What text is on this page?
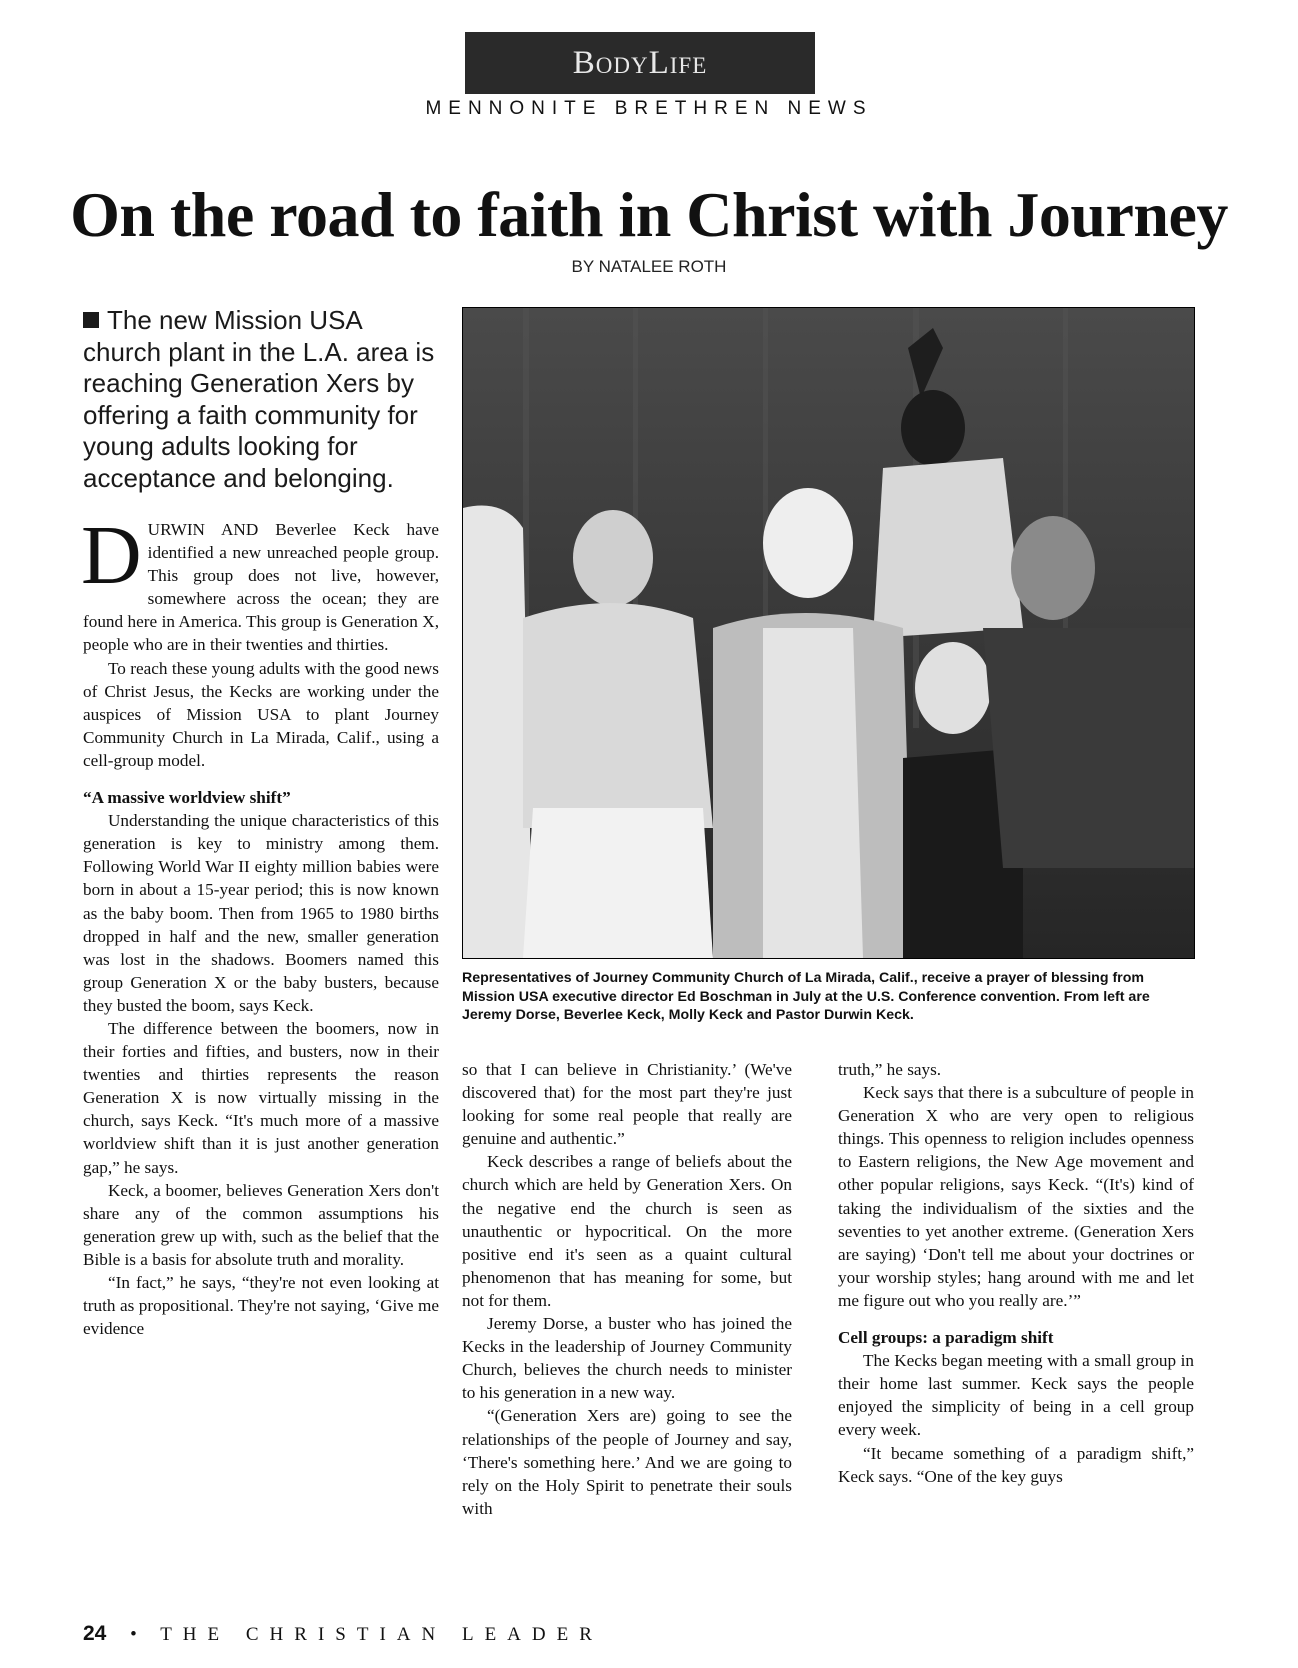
BodyLife
MENNONITE BRETHREN NEWS
On the road to faith in Christ with Journey
BY NATALEE ROTH
The new Mission USA church plant in the L.A. area is reaching Generation Xers by offering a faith community for young adults looking for acceptance and belonging.

DURWIN AND Beverlee Keck have identified a new unreached people group. This group does not live, however, somewhere across the ocean; they are found here in America. This group is Generation X, people who are in their twenties and thirties.

To reach these young adults with the good news of Christ Jesus, the Kecks are working under the auspices of Mission USA to plant Journey Community Church in La Mirada, Calif., using a cell-group model.

“A massive worldview shift”

Understanding the unique characteristics of this generation is key to ministry among them. Following World War II eighty million babies were born in about a 15-year period; this is now known as the baby boom. Then from 1965 to 1980 births dropped in half and the new, smaller generation was lost in the shadows. Boomers named this group Generation X or the baby busters, because they busted the boom, says Keck.

The difference between the boomers, now in their forties and fifties, and busters, now in their twenties and thirties represents the reason Generation X is now virtually missing in the church, says Keck. “It's much more of a massive worldview shift than it is just another generation gap,” he says.

Keck, a boomer, believes Generation Xers don't share any of the common assumptions his generation grew up with, such as the belief that the Bible is a basis for absolute truth and morality.

“In fact,” he says, “they're not even looking at truth as propositional. They're not saying, ‘Give me evidence

Representatives of Journey Community Church of La Mirada, Calif., receive a prayer of blessing from Mission USA executive director Ed Boschman in July at the U.S. Conference convention. From left are Jeremy Dorse, Beverlee Keck, Molly Keck and Pastor Durwin Keck.

so that I can believe in Christianity.’ (We've discovered that) for the most part they're just looking for some real people that really are genuine and authentic.”

Keck describes a range of beliefs about the church which are held by Generation Xers. On the negative end the church is seen as unauthentic or hypocritical. On the more positive end it's seen as a quaint cultural phenomenon that has meaning for some, but not for them.

Jeremy Dorse, a buster who has joined the Kecks in the leadership of Journey Community Church, believes the church needs to minister to his generation in a new way.

“(Generation Xers are) going to see the relationships of the people of Journey and say, ‘There's something here.’ And we are going to rely on the Holy Spirit to penetrate their souls with

truth,” he says.

Keck says that there is a subculture of people in Generation X who are very open to religious things. This openness to religion includes openness to Eastern religions, the New Age movement and other popular religions, says Keck. “(It's) kind of taking the individualism of the sixties and the seventies to yet another extreme. (Generation Xers are saying) ‘Don't tell me about your doctrines or your worship styles; hang around with me and let me figure out who you really are.’”

Cell groups: a paradigm shift

The Kecks began meeting with a small group in their home last summer. Keck says the people enjoyed the simplicity of being in a cell group every week.

“It became something of a paradigm shift,” Keck says. “One of the key guys

24 • THE CHRISTIAN LEADER
